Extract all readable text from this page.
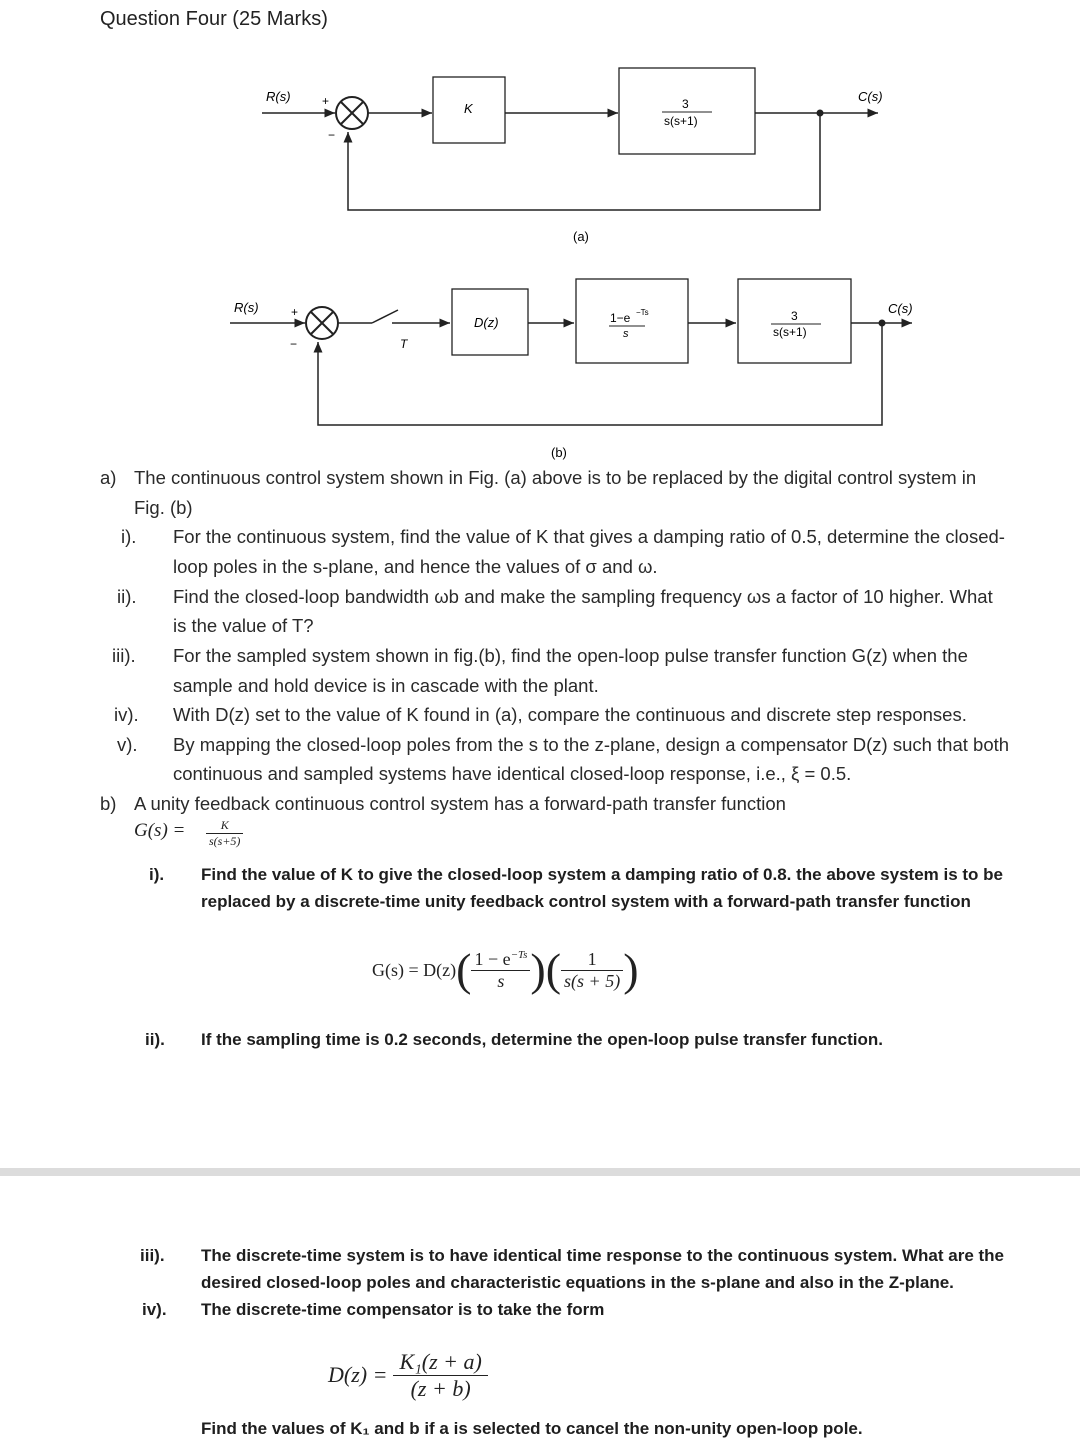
Question Four (25 Marks)
R(s)	+
−
K	3
s(s+1)
C(s)
(a)
R(s)	+
−	T
D(z)	1−e −Ts
s
3
s(s+1)
C(s)
(b)
a) The continuous control system shown in Fig. (a) above is to be replaced by the digital control system in
Fig. (b)
i). For the continuous system, find the value of K that gives a damping ratio of 0.5, determine the closed-
loop poles in the s-plane, and hence the values of σ and ω.
ii). Find the closed-loop bandwidth ωb and make the sampling frequency ωs a factor of 10 higher. What
is the value of T?
iii). For the sampled system shown in fig.(b), find the open-loop pulse transfer function G(z) when the
sample and hold device is in cascade with the plant.
iv). With D(z) set to the value of K found in (a), compare the continuous and discrete step responses.
v). By mapping the closed-loop poles from the s to the z-plane, design a compensator D(z) such that both
continuous and sampled systems have identical closed-loop response, i.e., ξ = 0.5.
b) A unity feedback continuous control system has a forward-path transfer function
$G(s) = \frac{K}{s(s+5)}$
i). Find the value of K to give the closed-loop system a damping ratio of 0.8. the above system is to be
replaced by a discrete-time unity feedback control system with a forward-path transfer function
G(s) = D(z) ( $\frac{1 - e^{-Ts}}{s}$ )( $\frac{1}{s(s + 5)}$ )
ii). If the sampling time is 0.2 seconds, determine the open-loop pulse transfer function.
iii). The discrete-time system is to have identical time response to the continuous system. What are the
desired closed-loop poles and characteristic equations in the s-plane and also in the Z-plane.
iv). The discrete-time compensator is to take the form
$D(z) = \frac{\text{K₁(z + a)}}{(z + b)}$
Find the values of K₁ and b if a is selected to cancel the non-unity open-loop pole.
